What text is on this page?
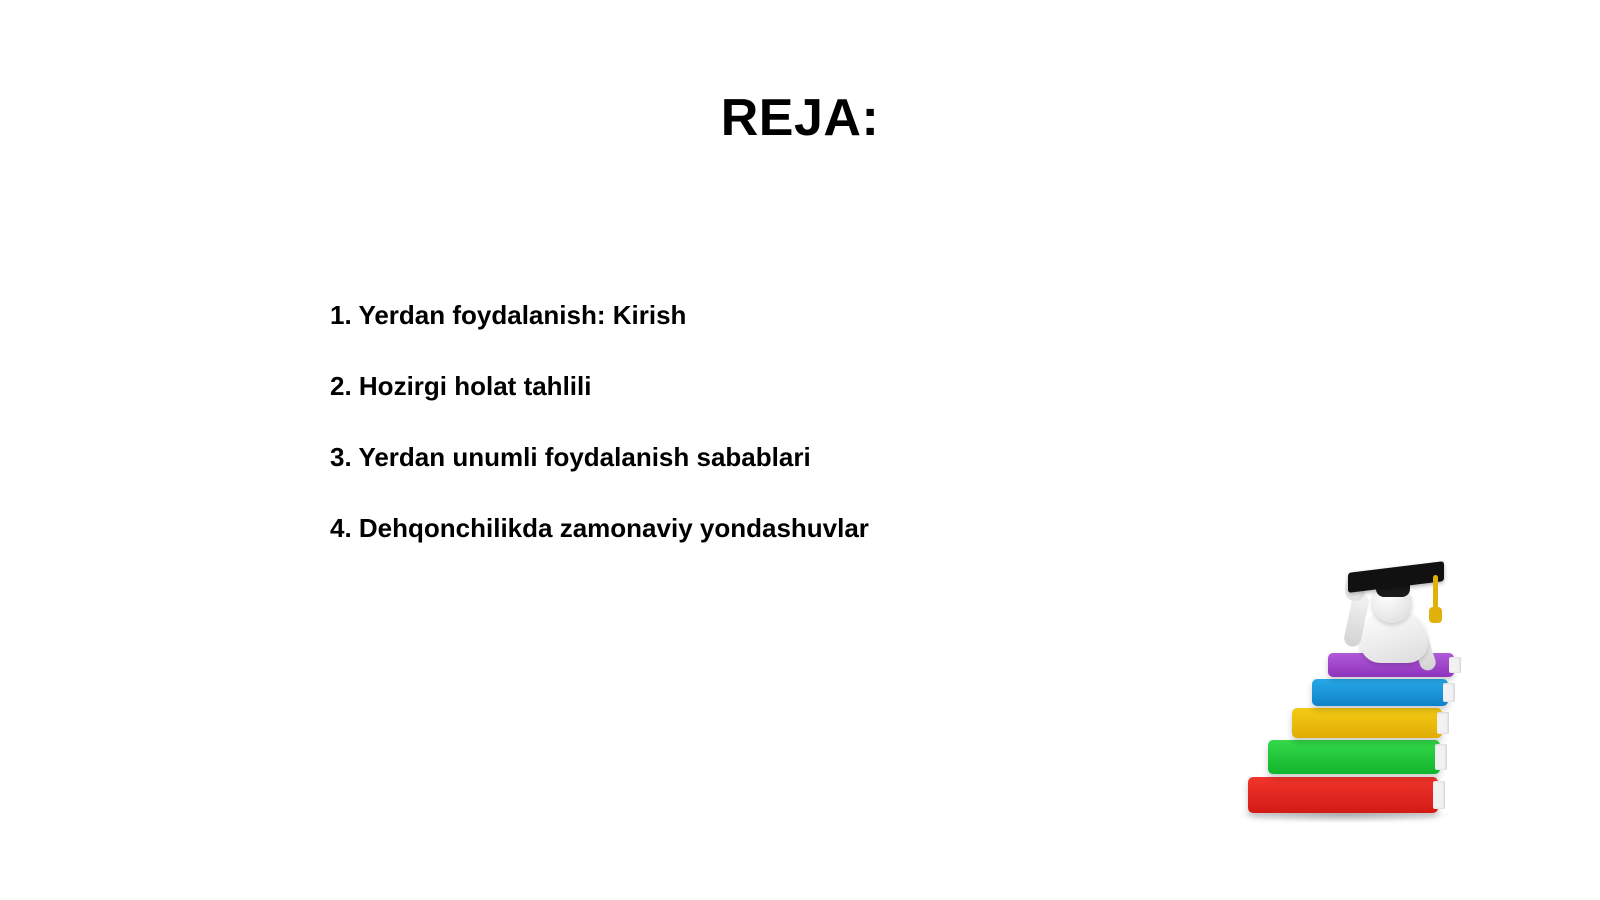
REJA:
1. Yerdan foydalanish: Kirish
2. Hozirgi holat tahlili
3. Yerdan unumli foydalanish sabablari
4. Dehqonchilikda zamonaviy yondashuvlar
